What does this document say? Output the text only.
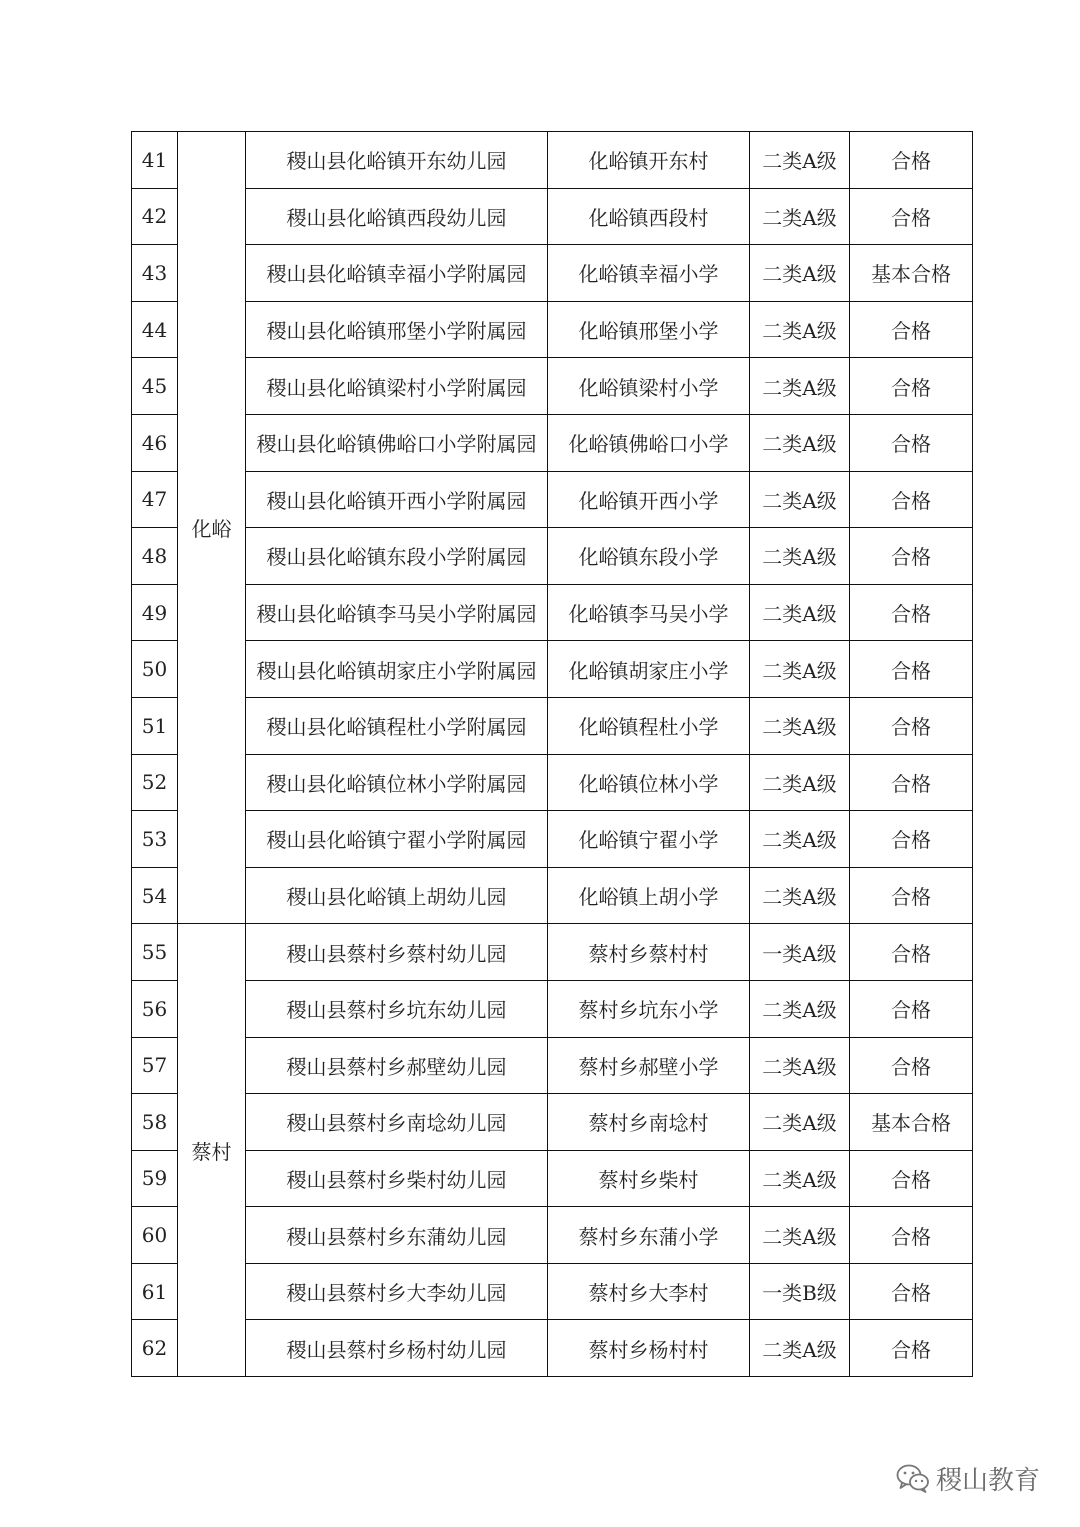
41	化峪	稷山县化峪镇开东幼儿园	化峪镇开东村	二类A级	合格
42		稷山县化峪镇西段幼儿园	化峪镇西段村	二类A级	合格
43		稷山县化峪镇幸福小学附属园	化峪镇幸福小学	二类A级	基本合格
44		稷山县化峪镇邢堡小学附属园	化峪镇邢堡小学	二类A级	合格
45		稷山县化峪镇梁村小学附属园	化峪镇梁村小学	二类A级	合格
46		稷山县化峪镇佛峪口小学附属园	化峪镇佛峪口小学	二类A级	合格
47		稷山县化峪镇开西小学附属园	化峪镇开西小学	二类A级	合格
48		稷山县化峪镇东段小学附属园	化峪镇东段小学	二类A级	合格
49		稷山县化峪镇李马吴小学附属园	化峪镇李马吴小学	二类A级	合格
50		稷山县化峪镇胡家庄小学附属园	化峪镇胡家庄小学	二类A级	合格
51		稷山县化峪镇程杜小学附属园	化峪镇程杜小学	二类A级	合格
52		稷山县化峪镇位林小学附属园	化峪镇位林小学	二类A级	合格
53		稷山县化峪镇宁翟小学附属园	化峪镇宁翟小学	二类A级	合格
54		稷山县化峪镇上胡幼儿园	化峪镇上胡小学	二类A级	合格
55	蔡村	稷山县蔡村乡蔡村幼儿园	蔡村乡蔡村村	一类A级	合格
56		稷山县蔡村乡坑东幼儿园	蔡村乡坑东小学	二类A级	合格
57		稷山县蔡村乡郝壁幼儿园	蔡村乡郝壁小学	二类A级	合格
58		稷山县蔡村乡南埝幼儿园	蔡村乡南埝村	二类A级	基本合格
59		稷山县蔡村乡柴村幼儿园	蔡村乡柴村	二类A级	合格
60		稷山县蔡村乡东蒲幼儿园	蔡村乡东蒲小学	二类A级	合格
61		稷山县蔡村乡大李幼儿园	蔡村乡大李村	一类B级	合格
62		稷山县蔡村乡杨村幼儿园	蔡村乡杨村村	二类A级	合格
稷山教育
